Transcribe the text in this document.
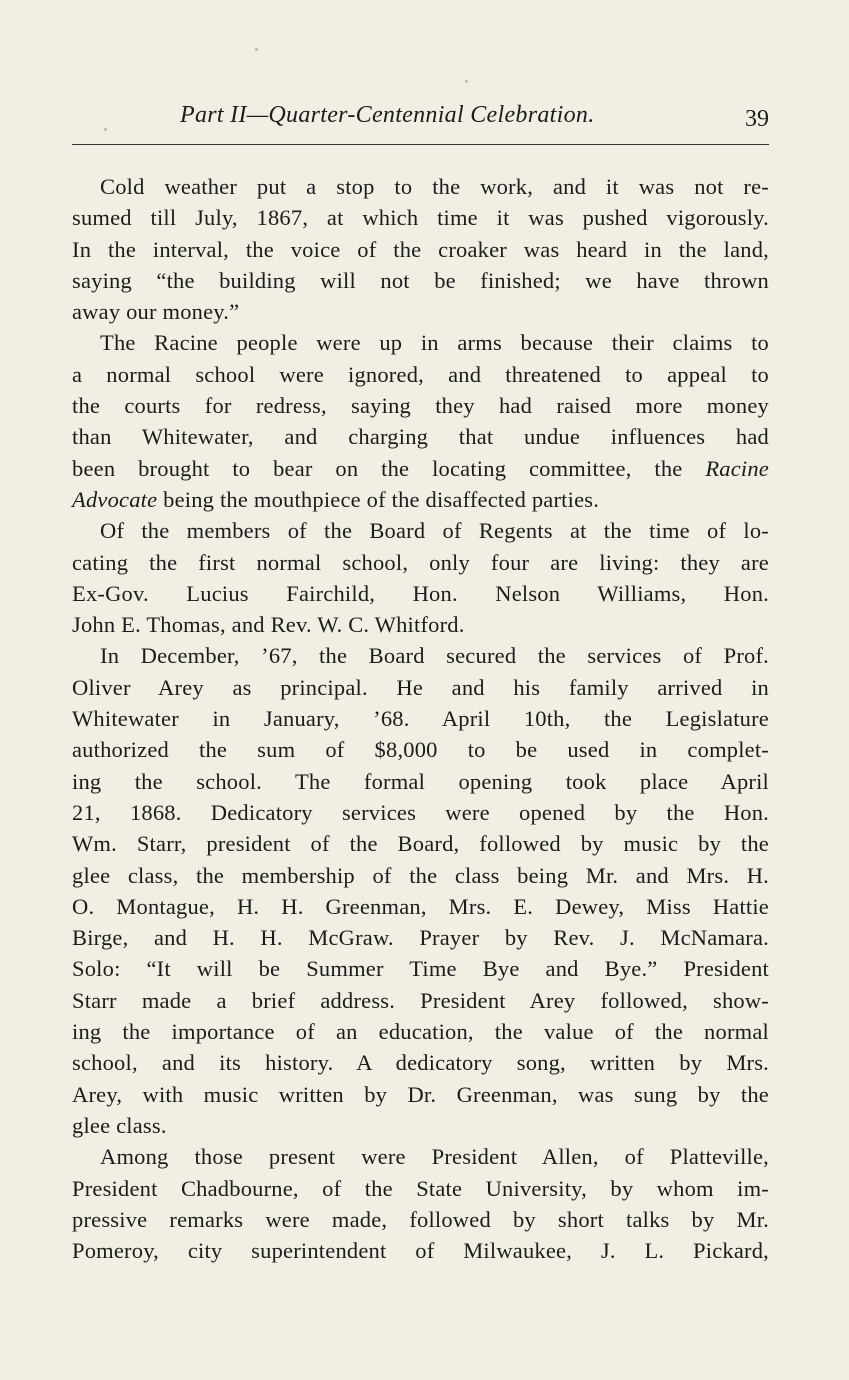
Part II—Quarter-Centennial Celebration.	39
Cold weather put a stop to the work, and it was not re-
sumed till July, 1867, at which time it was pushed vigorously.
In the interval, the voice of the croaker was heard in the land,
saying “the building will not be finished; we have thrown
away our money.”
The Racine people were up in arms because their claims to
a normal school were ignored, and threatened to appeal to
the courts for redress, saying they had raised more money
than Whitewater, and charging that undue influences had
been brought to bear on the locating committee, the Racine
Advocate being the mouthpiece of the disaffected parties.
Of the members of the Board of Regents at the time of lo-
cating the first normal school, only four are living: they are
Ex-Gov. Lucius Fairchild, Hon. Nelson Williams, Hon.
John E. Thomas, and Rev. W. C. Whitford.
In December, ’67, the Board secured the services of Prof.
Oliver Arey as principal. He and his family arrived in
Whitewater in January, ’68. April 10th, the Legislature
authorized the sum of $8,000 to be used in complet-
ing the school. The formal opening took place April
21, 1868. Dedicatory services were opened by the Hon.
Wm. Starr, president of the Board, followed by music by the
glee class, the membership of the class being Mr. and Mrs. H.
O. Montague, H. H. Greenman, Mrs. E. Dewey, Miss Hattie
Birge, and H. H. McGraw. Prayer by Rev. J. McNamara.
Solo: “It will be Summer Time Bye and Bye.” President
Starr made a brief address. President Arey followed, show-
ing the importance of an education, the value of the normal
school, and its history. A dedicatory song, written by Mrs.
Arey, with music written by Dr. Greenman, was sung by the
glee class.
Among those present were President Allen, of Platteville,
President Chadbourne, of the State University, by whom im-
pressive remarks were made, followed by short talks by Mr.
Pomeroy, city superintendent of Milwaukee, J. L. Pickard,
